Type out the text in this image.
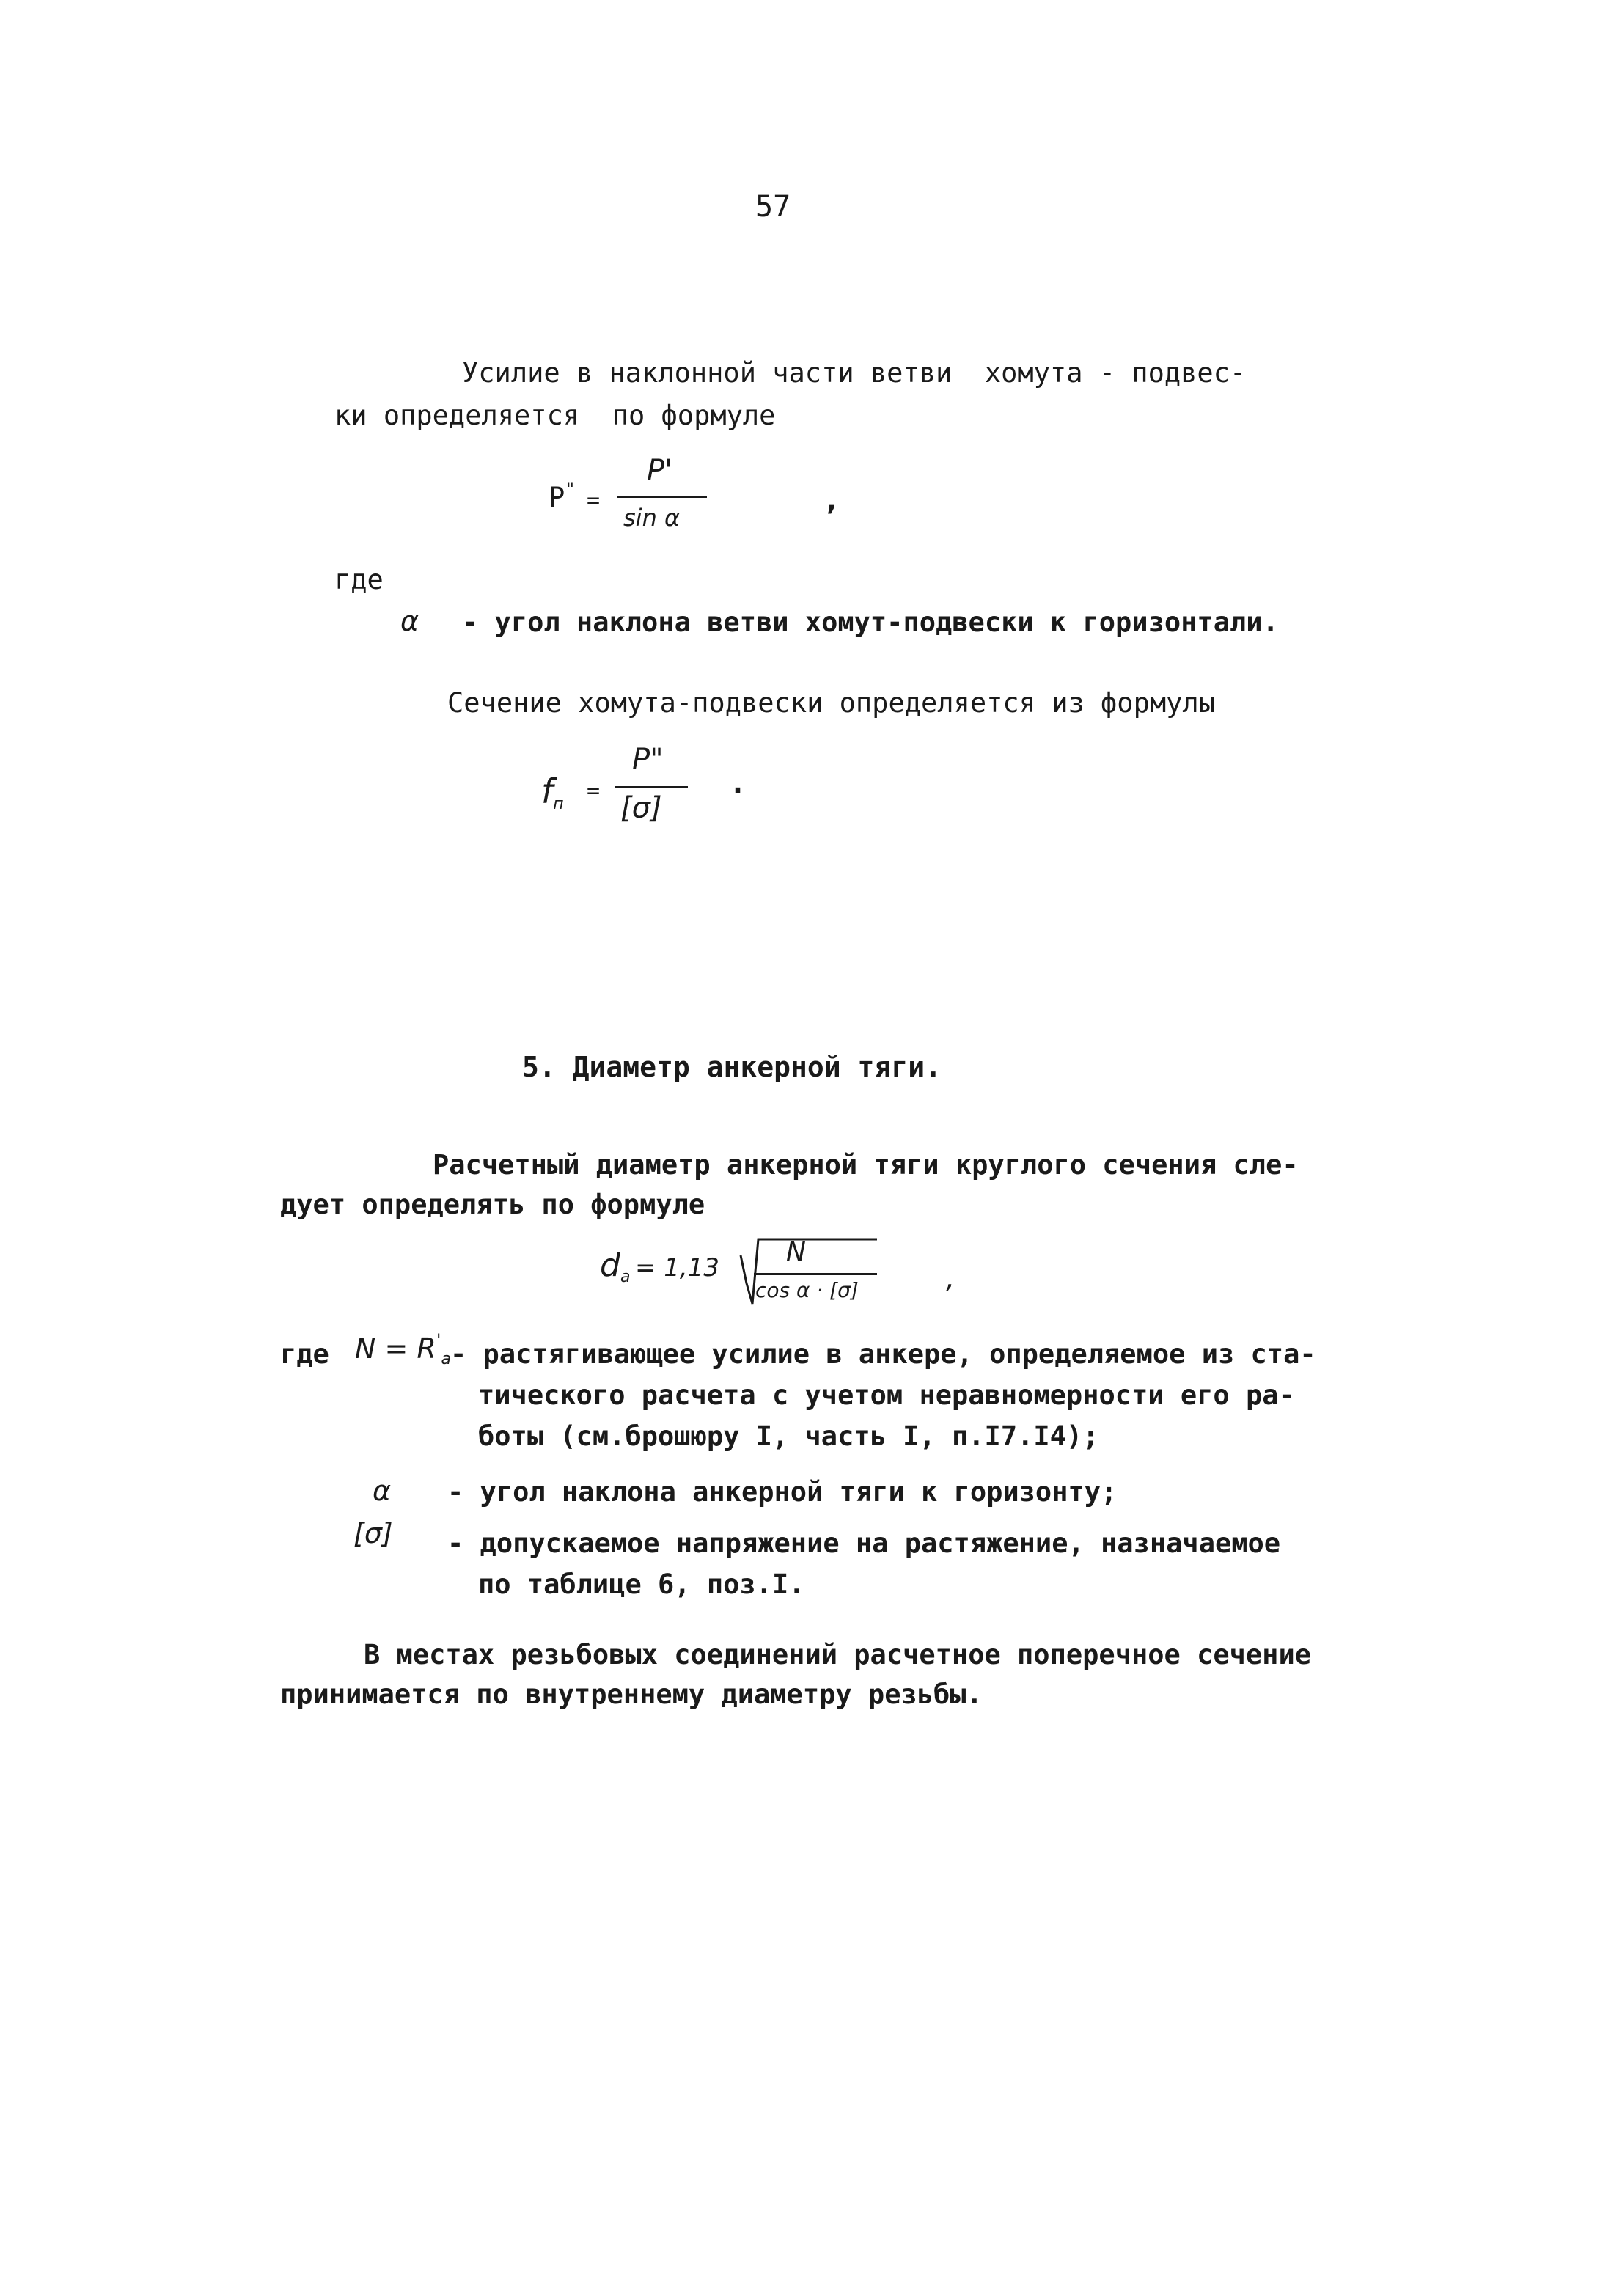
57
Усилие в наклонной части ветви  хомута - подвес-
ки определяется  по формуле
P" =
P'
sin α
,
где
α - угол наклона ветви хомут-подвески к горизонтали.
Сечение хомута-подвески определяется из формулы
fп
=
P"
[σ]
.
5. Диаметр анкерной тяги.
Расчетный диаметр анкерной тяги круглого сечения сле-
дует определять по формуле
da = 1,13
N
cos α · [σ]	,
где $N = R'_a$ - растягивающее усилие в анкере, определяемое из ста-
тического расчета с учетом неравномерности его ра-
боты (см.брошюру I, часть I, п.I7.I4);
α - угол наклона анкерной тяги к горизонту;
[σ] - допускаемое напряжение на растяжение, назначаемое
по таблице 6, поз.I.
В местах резьбовых соединений расчетное поперечное сечение
принимается по внутреннему диаметру резьбы.
